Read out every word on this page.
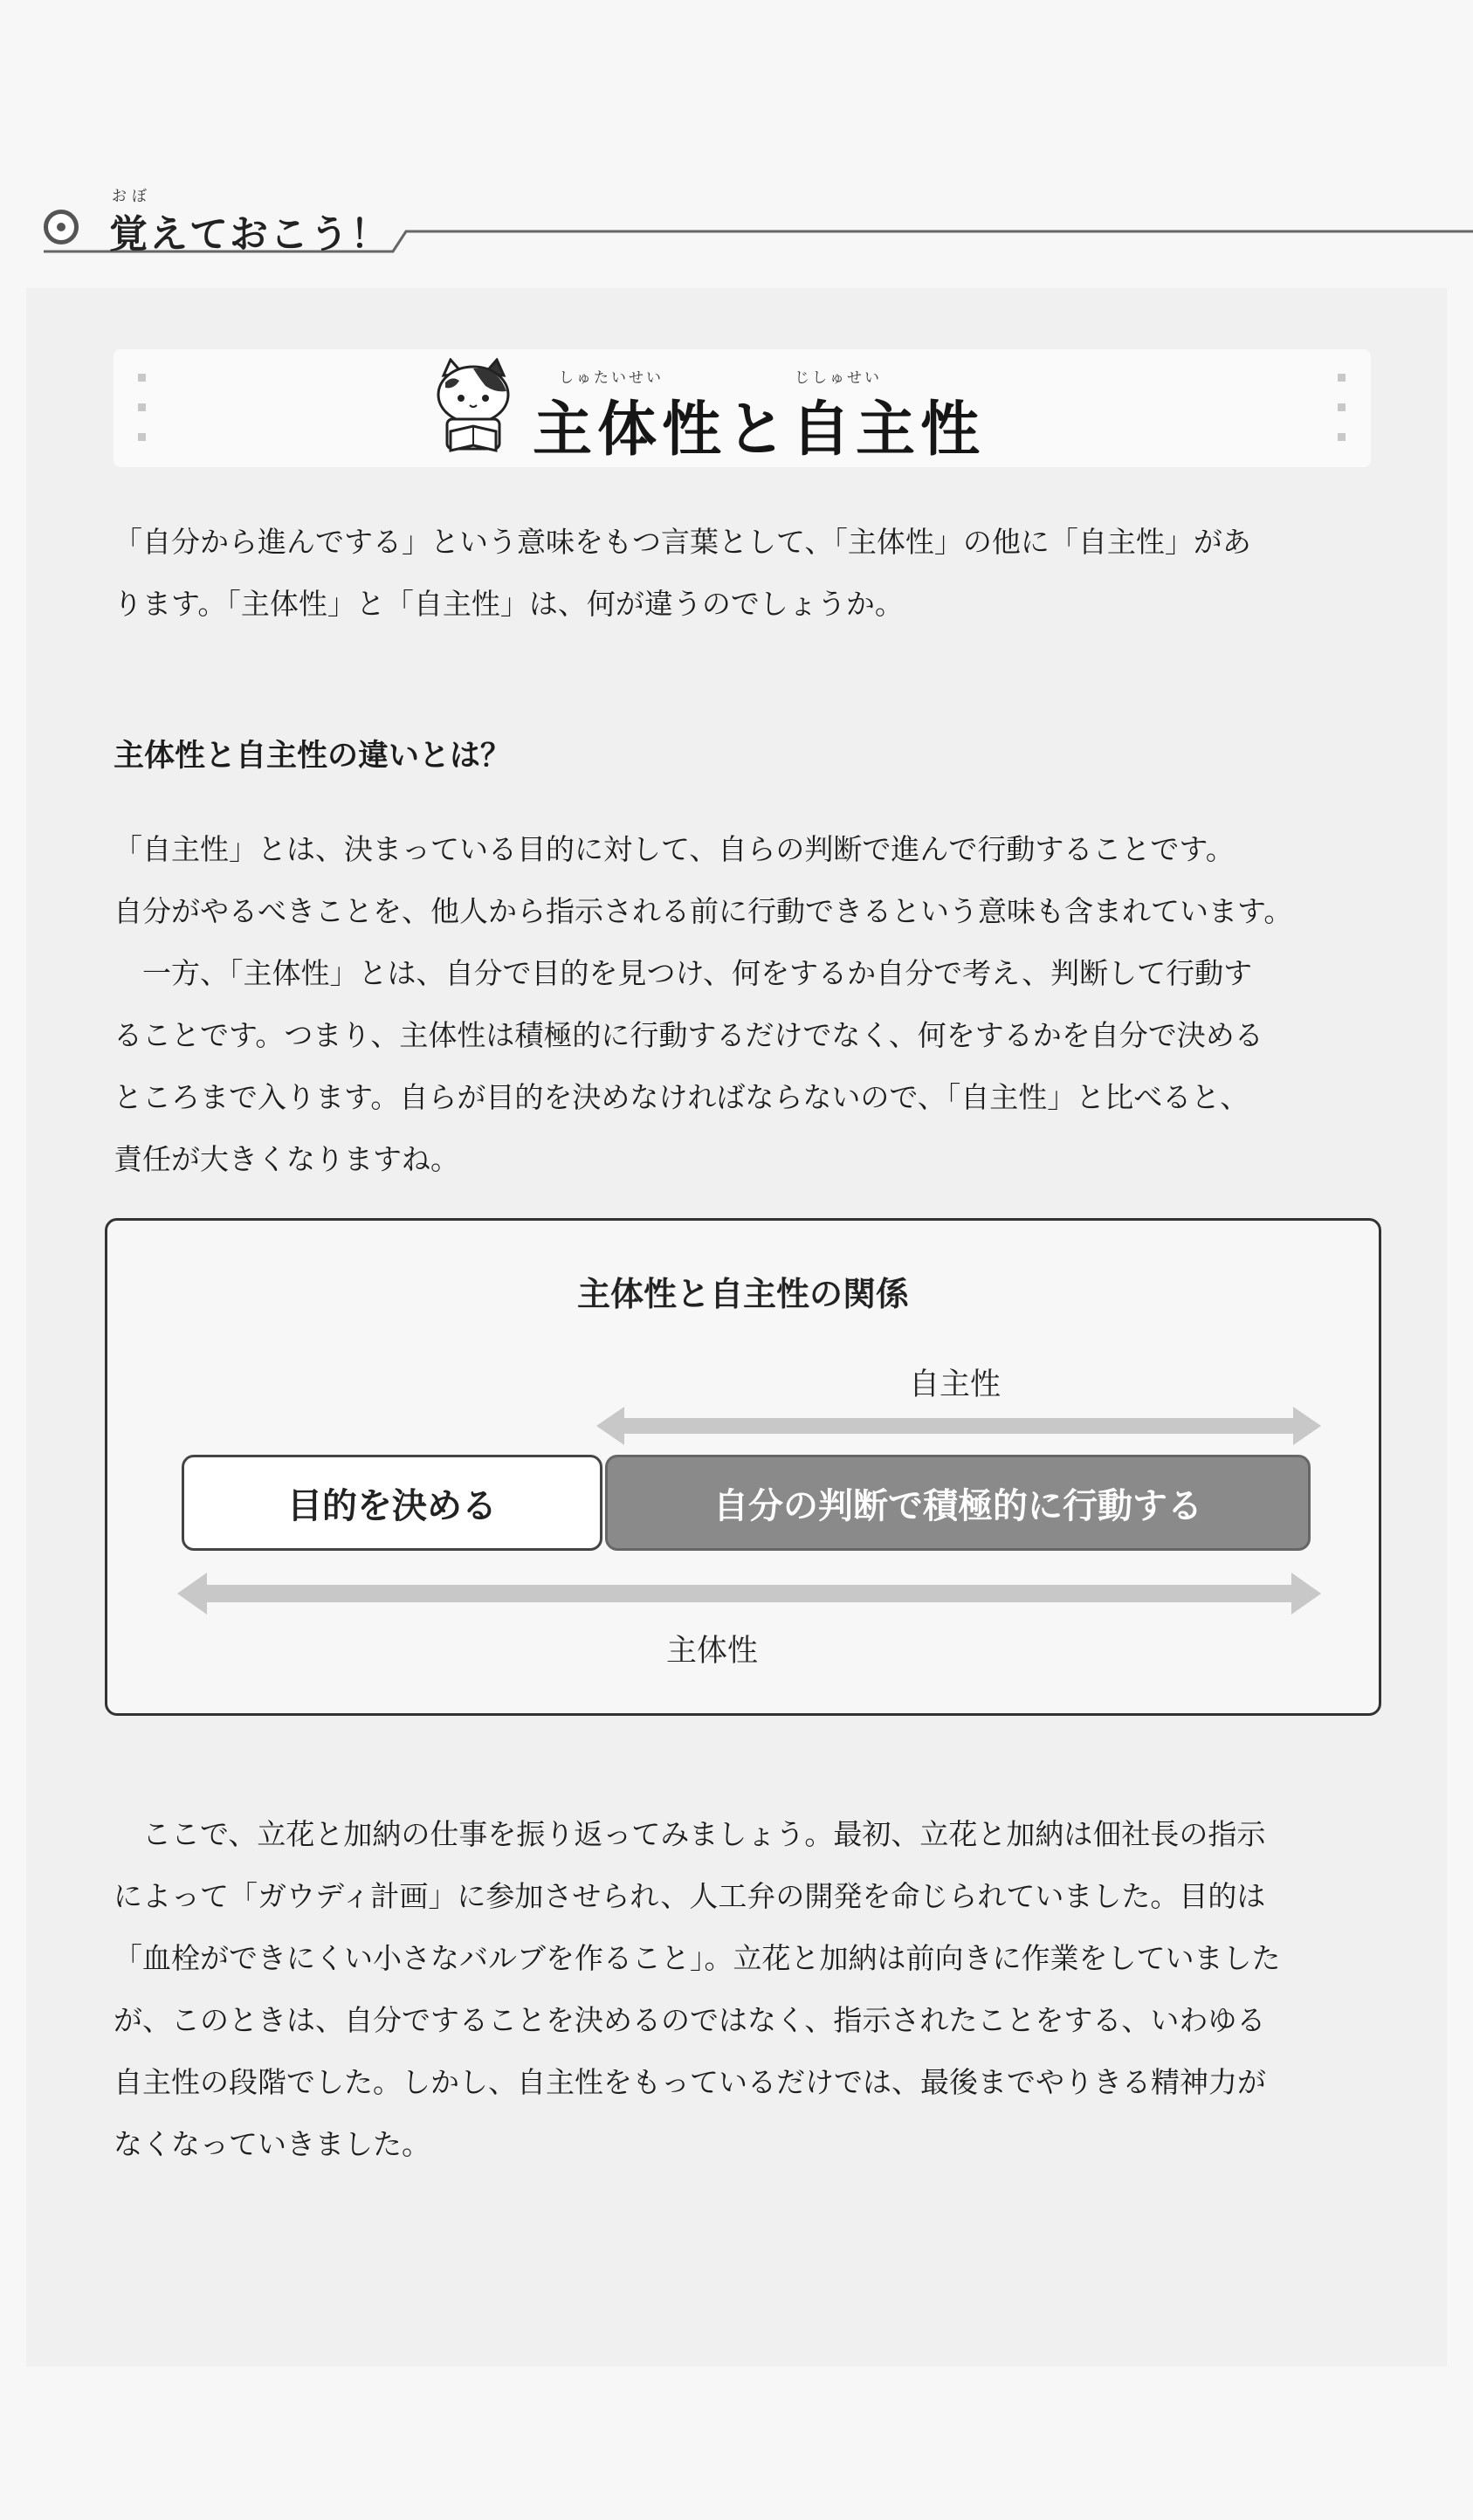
おぼ
覚えておこう！
しゅたいせい	じしゅせい
主体性と自主性

「自分から進んでする」という意味をもつ言葉として、「主体性」の他に「自主性」があ
ります。「主体性」と「自主性」は、何が違うのでしょうか。

主体性と自主性の違いとは？

「自主性」とは、決まっている目的に対して、自らの判断で進んで行動することです。
自分がやるべきことを、他人から指示される前に行動できるという意味も含まれています。
　一方、「主体性」とは、自分で目的を見つけ、何をするか自分で考え、判断して行動す
ることです。つまり、主体性は積極的に行動するだけでなく、何をするかを自分で決める
ところまで入ります。自らが目的を決めなければならないので、「自主性」と比べると、
責任が大きくなりますね。

主体性と自主性の関係
自主性
目的を決める	自分の判断で積極的に行動する
主体性

　ここで、立花と加納の仕事を振り返ってみましょう。最初、立花と加納は佃社長の指示
によって「ガウディ計画」に参加させられ、人工弁の開発を命じられていました。目的は
「血栓ができにくい小さなバルブを作ること」。立花と加納は前向きに作業をしていました
が、このときは、自分ですることを決めるのではなく、指示されたことをする、いわゆる
自主性の段階でした。しかし、自主性をもっているだけでは、最後までやりきる精神力が
なくなっていきました。
